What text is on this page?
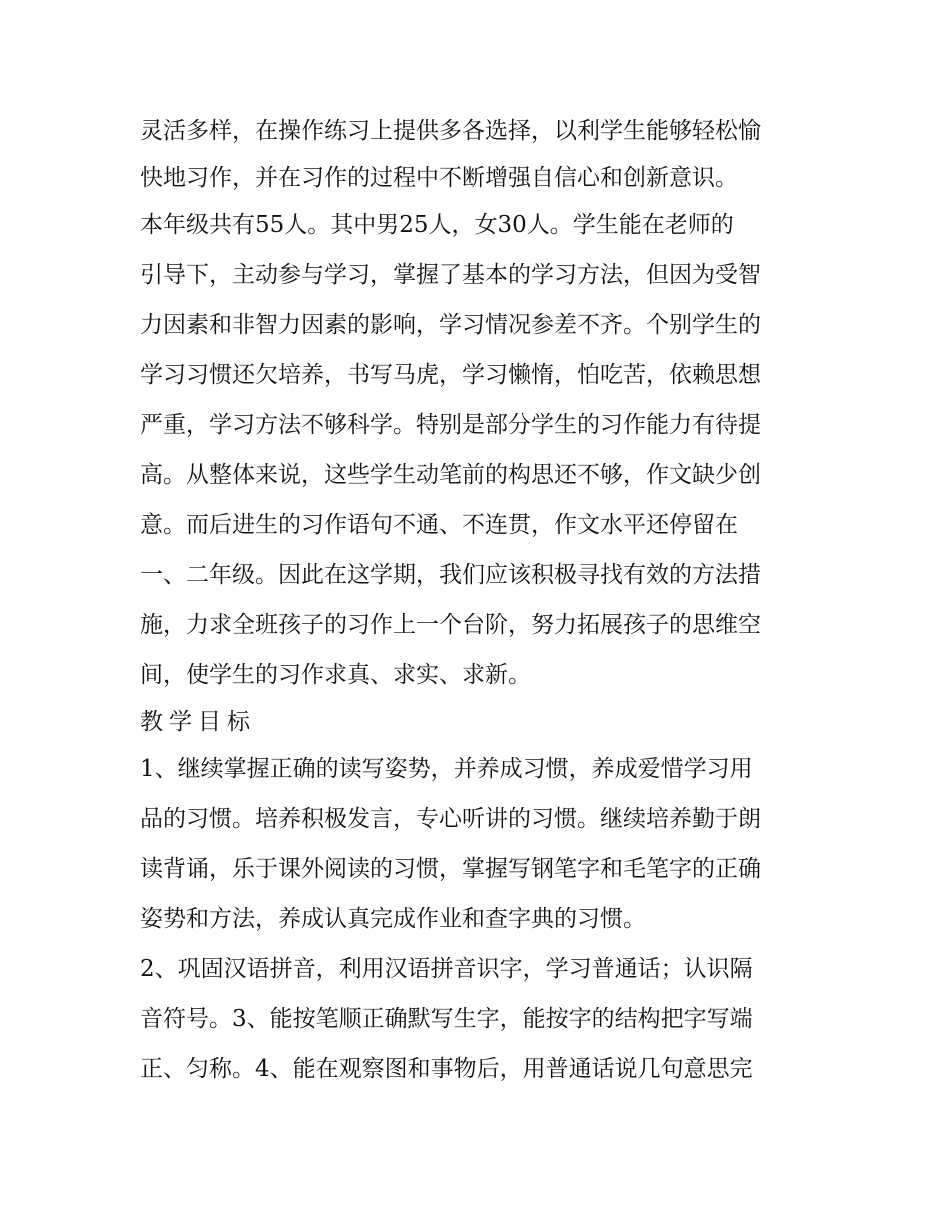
灵活多样，在操作练习上提供多各选择，以利学生能够轻松愉
快地习作，并在习作的过程中不断增强自信心和创新意识。
本年级共有55人。其中男25人，女30人。学生能在老师的
引导下，主动参与学习，掌握了基本的学习方法，但因为受智
力因素和非智力因素的影响，学习情况参差不齐。个别学生的
学习习惯还欠培养，书写马虎，学习懒惰，怕吃苦，依赖思想
严重，学习方法不够科学。特别是部分学生的习作能力有待提
高。从整体来说，这些学生动笔前的构思还不够，作文缺少创
意。而后进生的习作语句不通、不连贯，作文水平还停留在
一、二年级。因此在这学期，我们应该积极寻找有效的方法措
施，力求全班孩子的习作上一个台阶，努力拓展孩子的思维空
间，使学生的习作求真、求实、求新。
教学目标
1、继续掌握正确的读写姿势，并养成习惯，养成爱惜学习用
品的习惯。培养积极发言，专心听讲的习惯。继续培养勤于朗
读背诵，乐于课外阅读的习惯，掌握写钢笔字和毛笔字的正确
姿势和方法，养成认真完成作业和查字典的习惯。
2、巩固汉语拼音，利用汉语拼音识字，学习普通话；认识隔
音符号。3、能按笔顺正确默写生字，能按字的结构把字写端
正、匀称。4、能在观察图和事物后，用普通话说几句意思完
